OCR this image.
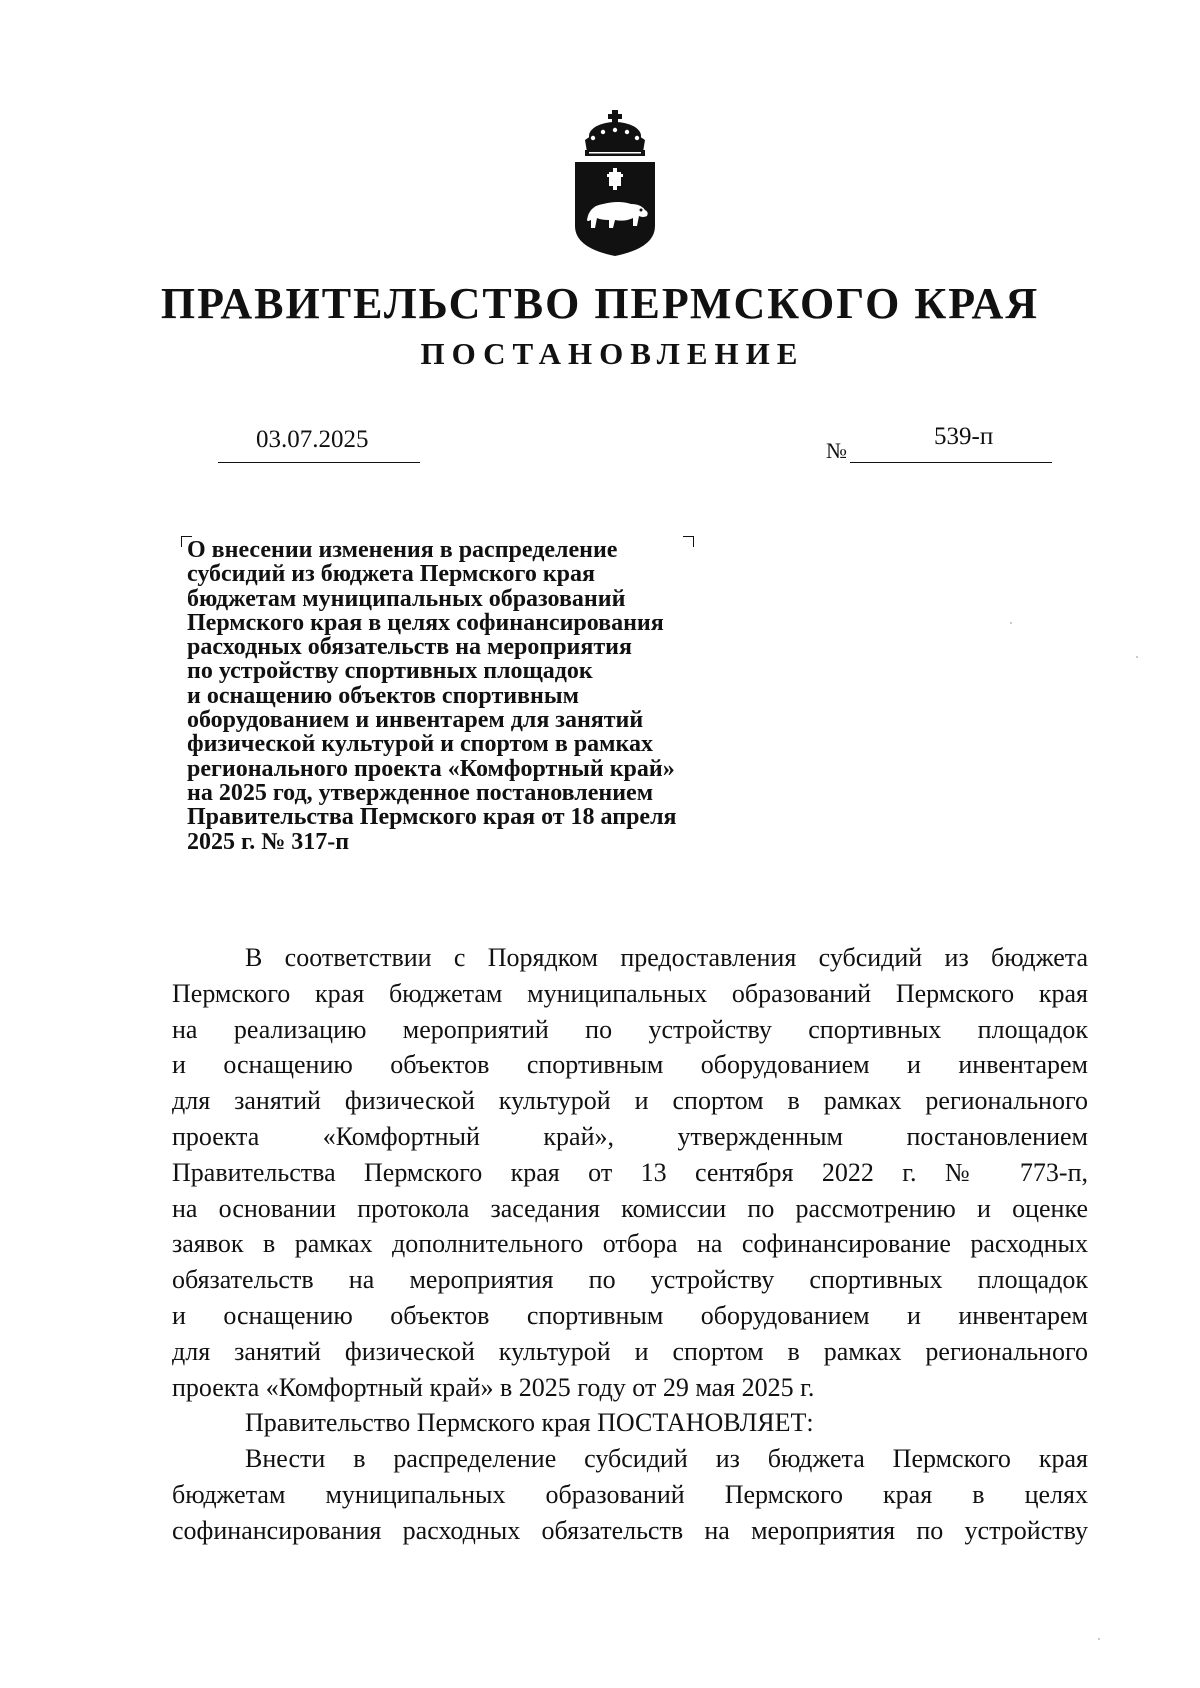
ПРАВИТЕЛЬСТВО ПЕРМСКОГО КРАЯ
ПОСТАНОВЛЕНИЕ
03.07.2025	№
539-п
О внесении изменения в распределение
субсидий из бюджета Пермского края
бюджетам муниципальных образований
Пермского края в целях софинансирования
расходных обязательств на мероприятия
по устройству спортивных площадок
и оснащению объектов спортивным
оборудованием и инвентарем для занятий
физической культурой и спортом в рамках
регионального проекта «Комфортный край»
на 2025 год, утвержденное постановлением
Правительства Пермского края от 18 апреля
2025 г. № 317-п
В соответствии с Порядком предоставления субсидий из бюджета
Пермского края бюджетам муниципальных образований Пермского края
на реализацию мероприятий по устройству спортивных площадок
и оснащению объектов спортивным оборудованием и инвентарем
для занятий физической культурой и спортом в рамках регионального
проекта «Комфортный край», утвержденным постановлением
Правительства Пермского края от 13 сентября 2022 г. № 773-п,
на основании протокола заседания комиссии по рассмотрению и оценке
заявок в рамках дополнительного отбора на софинансирование расходных
обязательств на мероприятия по устройству спортивных площадок
и оснащению объектов спортивным оборудованием и инвентарем
для занятий физической культурой и спортом в рамках регионального
проекта «Комфортный край» в 2025 году от 29 мая 2025 г.
Правительство Пермского края ПОСТАНОВЛЯЕТ:
Внести в распределение субсидий из бюджета Пермского края
бюджетам муниципальных образований Пермского края в целях
софинансирования расходных обязательств на мероприятия по устройству
